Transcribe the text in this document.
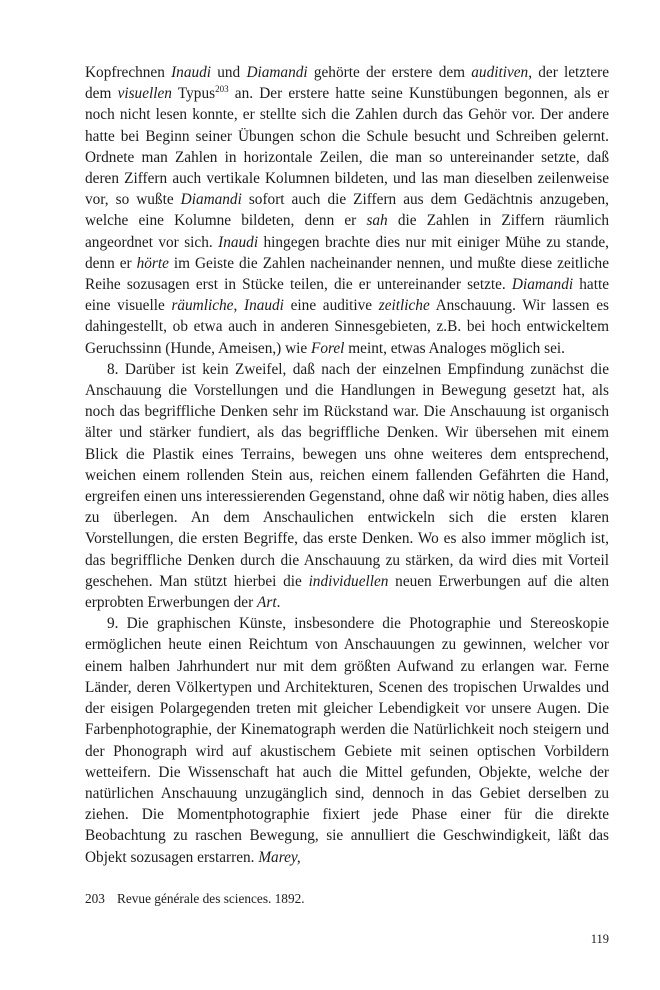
Kopfrechnen Inaudi und Diamandi gehörte der erstere dem auditiven, der letztere dem visuellen Typus$^{203}$ an. Der erstere hatte seine Kunstübungen begonnen, als er noch nicht lesen konnte, er stellte sich die Zahlen durch das Gehör vor. Der andere hatte bei Beginn seiner Übungen schon die Schule besucht und Schreiben gelernt. Ordnete man Zahlen in horizontale Zeilen, die man so untereinander setzte, daß deren Ziffern auch vertikale Kolumnen bildeten, und las man dieselben zeilenweise vor, so wußte Diamandi sofort auch die Ziffern aus dem Gedächtnis anzugeben, welche eine Kolumne bildeten, denn er sah die Zahlen in Ziffern räumlich angeordnet vor sich. Inaudi hingegen brachte dies nur mit einiger Mühe zu stande, denn er hörte im Geiste die Zahlen nacheinander nennen, und mußte diese zeitliche Reihe sozusagen erst in Stücke teilen, die er untereinander setzte. Diamandi hatte eine visuelle räumliche, Inaudi eine auditive zeitliche Anschauung. Wir lassen es dahingestellt, ob etwa auch in anderen Sinnesgebieten, z.B. bei hoch entwickeltem Geruchssinn (Hunde, Ameisen,) wie Forel meint, etwas Analoges möglich sei.

8. Darüber ist kein Zweifel, daß nach der einzelnen Empfindung zunächst die Anschauung die Vorstellungen und die Handlungen in Bewegung gesetzt hat, als noch das begriffliche Denken sehr im Rückstand war. Die Anschauung ist organisch älter und stärker fundiert, als das begriffliche Denken. Wir übersehen mit einem Blick die Plastik eines Terrains, bewegen uns ohne weiteres dem entsprechend, weichen einem rollenden Stein aus, reichen einem fallenden Gefährten die Hand, ergreifen einen uns interessierenden Gegenstand, ohne daß wir nötig haben, dies alles zu überlegen. An dem Anschaulichen entwickeln sich die ersten klaren Vorstellungen, die ersten Begriffe, das erste Denken. Wo es also immer möglich ist, das begriffliche Denken durch die Anschauung zu stärken, da wird dies mit Vorteil geschehen. Man stützt hierbei die individuellen neuen Erwerbungen auf die alten erprobten Erwerbungen der Art.

9. Die graphischen Künste, insbesondere die Photographie und Stereoskopie ermöglichen heute einen Reichtum von Anschauungen zu gewinnen, welcher vor einem halben Jahrhundert nur mit dem größten Aufwand zu erlangen war. Ferne Länder, deren Völkertypen und Architekturen, Scenen des tropischen Urwaldes und der eisigen Polargegenden treten mit gleicher Lebendigkeit vor unsere Augen. Die Farbenphotographie, der Kinematograph werden die Natürlichkeit noch steigern und der Phonograph wird auf akustischem Gebiete mit seinen optischen Vorbildern wetteifern. Die Wissenschaft hat auch die Mittel gefunden, Objekte, welche der natürlichen Anschauung unzugänglich sind, dennoch in das Gebiet derselben zu ziehen. Die Momentphotographie fixiert jede Phase einer für die direkte Beobachtung zu raschen Bewegung, sie annulliert die Geschwindigkeit, läßt das Objekt sozusagen erstarren. Marey,

203 Revue générale des sciences. 1892.
119
